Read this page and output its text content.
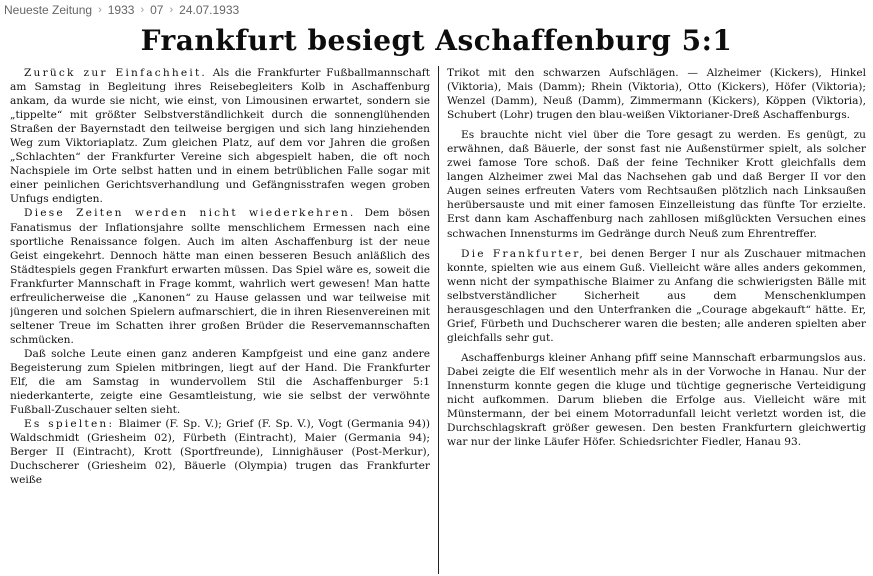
Neueste Zeitung › 1933 › 07 › 24.07.1933
Frankfurt besiegt Aschaffenburg 5:1

Zurück zur Einfachheit. Als die Frankfurter Fußballmannschaft am Samstag in Begleitung ihres Reisebegleiters Kolb in Aschaffenburg ankam, da wurde sie nicht, wie einst, von Limousinen erwartet, sondern sie „tippelte“ mit größter Selbstverständlichkeit durch die sonnenglühenden Straßen der Bayernstadt den teilweise bergigen und sich lang hinziehenden Weg zum Viktoriaplatz. Zum gleichen Platz, auf dem vor Jahren die großen „Schlachten“ der Frankfurter Vereine sich abgespielt haben, die oft noch Nachspiele im Orte selbst hatten und in einem betrüblichen Falle sogar mit einer peinlichen Gerichtsverhandlung und Gefängnisstrafen wegen groben Unfugs endigten.

Diese Zeiten werden nicht wiederkehren. Dem bösen Fanatismus der Inflationsjahre sollte menschlichem Ermessen nach eine sportliche Renaissance folgen. Auch im alten Aschaffenburg ist der neue Geist eingekehrt. Dennoch hätte man einen besseren Besuch anläßlich des Städtespiels gegen Frankfurt erwarten müssen. Das Spiel wäre es, soweit die Frankfurter Mannschaft in Frage kommt, wahrlich wert gewesen! Man hatte erfreulicherweise die „Kanonen“ zu Hause gelassen und war teilweise mit jüngeren und solchen Spielern aufmarschiert, die in ihren Riesenvereinen mit seltener Treue im Schatten ihrer großen Brüder die Reservemannschaften schmücken.

Daß solche Leute einen ganz anderen Kampfgeist und eine ganz andere Begeisterung zum Spielen mitbringen, liegt auf der Hand. Die Frankfurter Elf, die am Samstag in wundervollem Stil die Aschaffenburger 5:1 niederkanterte, zeigte eine Gesamtleistung, wie sie selbst der verwöhnte Fußball-Zuschauer selten sieht.

Es spielten: Blaimer (F. Sp. V.); Grief (F. Sp. V.), Vogt (Germania 94)) Waldschmidt (Griesheim 02), Fürbeth (Eintracht), Maier (Germania 94); Berger II (Eintracht), Krott (Sportfreunde), Linnighäuser (Post-Merkur), Duchscherer (Griesheim 02), Bäuerle (Olympia) trugen das Frankfurter weiße

Trikot mit den schwarzen Aufschlägen. — Alzheimer (Kickers), Hinkel (Viktoria), Mais (Damm); Rhein (Viktoria), Otto (Kickers), Höfer (Viktoria); Wenzel (Damm), Neuß (Damm), Zimmermann (Kickers), Köppen (Viktoria), Schubert (Lohr) trugen den blau-weißen Viktorianer-Dreß Aschaffenburgs.

Es brauchte nicht viel über die Tore gesagt zu werden. Es genügt, zu erwähnen, daß Bäuerle, der sonst fast nie Außenstürmer spielt, als solcher zwei famose Tore schoß. Daß der feine Techniker Krott gleichfalls dem langen Alzheimer zwei Mal das Nachsehen gab und daß Berger II vor den Augen seines erfreuten Vaters vom Rechtsaußen plötzlich nach Linksaußen herübersauste und mit einer famosen Einzelleistung das fünfte Tor erzielte. Erst dann kam Aschaffenburg nach zahllosen mißglückten Versuchen eines schwachen Innensturms im Gedränge durch Neuß zum Ehrentreffer.

Die Frankfurter, bei denen Berger I nur als Zuschauer mitmachen konnte, spielten wie aus einem Guß. Vielleicht wäre alles anders gekommen, wenn nicht der sympathische Blaimer zu Anfang die schwierigsten Bälle mit selbstverständlicher Sicherheit aus dem Menschenklumpen herausgeschlagen und den Unterfranken die „Courage abgekauft“ hätte. Er, Grief, Fürbeth und Duchscherer waren die besten; alle anderen spielten aber gleichfalls sehr gut.

Aschaffenburgs kleiner Anhang pfiff seine Mannschaft erbarmungslos aus. Dabei zeigte die Elf wesentlich mehr als in der Vorwoche in Hanau. Nur der Innensturm konnte gegen die kluge und tüchtige gegnerische Verteidigung nicht aufkommen. Darum blieben die Erfolge aus. Vielleicht wäre mit Münstermann, der bei einem Motorradunfall leicht verletzt worden ist, die Durchschlagskraft größer gewesen. Den besten Frankfurtern gleichwertig war nur der linke Läufer Höfer. Schiedsrichter Fiedler, Hanau 93.
